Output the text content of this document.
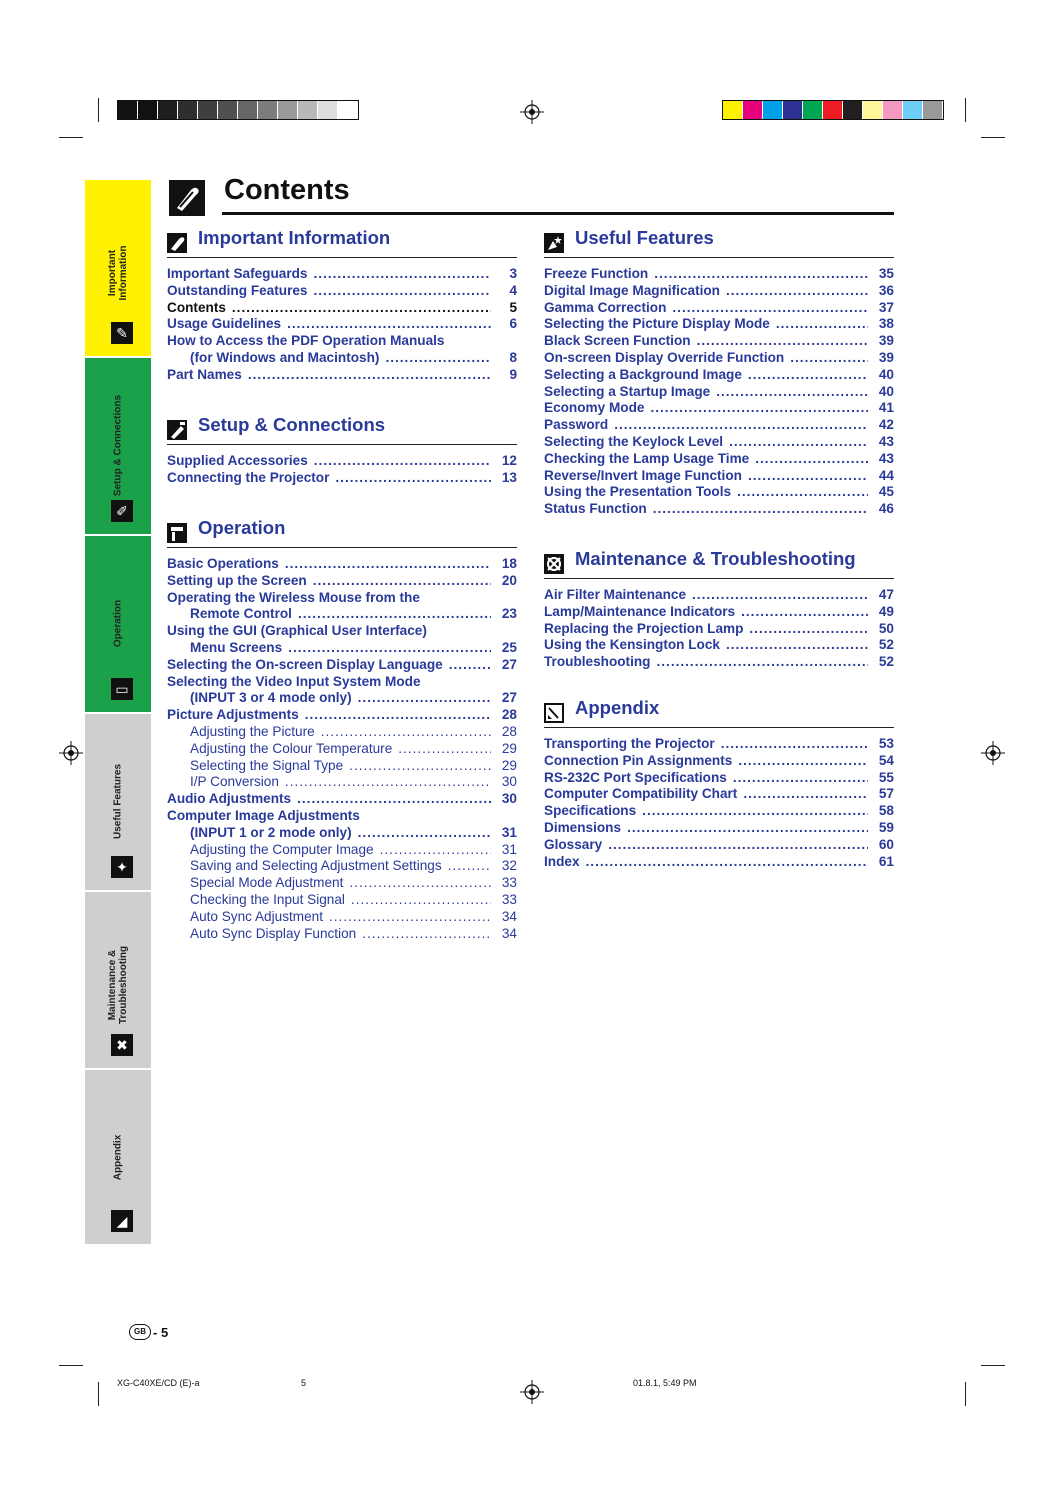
Important
Information
✎
Setup & Connections
✐
Operation
▭
Useful Features
✦
Maintenance &
Troubleshooting
✖
Appendix
◢
Contents
Important Information
Important Safeguards .....	3
Outstanding Features .....	4
Contents .....	5
Usage Guidelines .....	6
How to Access the PDF Operation Manuals
(for Windows and Macintosh) .....	8
Part Names .....	9
Setup & Connections
Supplied Accessories .....	12
Connecting the Projector .....	13
Operation
Basic Operations .....	18
Setting up the Screen .....	20
Operating the Wireless Mouse from the
Remote Control .....	23
Using the GUI (Graphical User Interface)
Menu Screens .....	25
Selecting the On-screen Display Language .....	27
Selecting the Video Input System Mode
(INPUT 3 or 4 mode only) .....	27
Picture Adjustments .....	28
Adjusting the Picture .....	28
Adjusting the Colour Temperature .....	29
Selecting the Signal Type .....	29
I/P Conversion .....	30
Audio Adjustments .....	30
Computer Image Adjustments
(INPUT 1 or 2 mode only) .....	31
Adjusting the Computer Image .....	31
Saving and Selecting Adjustment Settings .....	32
Special Mode Adjustment .....	33
Checking the Input Signal .....	33
Auto Sync Adjustment .....	34
Auto Sync Display Function .....	34
Useful Features
Freeze Function .....	35
Digital Image Magnification .....	36
Gamma Correction .....	37
Selecting the Picture Display Mode .....	38
Black Screen Function .....	39
On-screen Display Override Function .....	39
Selecting a Background Image .....	40
Selecting a Startup Image .....	40
Economy Mode .....	41
Password .....	42
Selecting the Keylock Level .....	43
Checking the Lamp Usage Time .....	43
Reverse/Invert Image Function .....	44
Using the Presentation Tools .....	45
Status Function .....	46
Maintenance & Troubleshooting
Air Filter Maintenance .....	47
Lamp/Maintenance Indicators .....	49
Replacing the Projection Lamp .....	50
Using the Kensington Lock .....	52
Troubleshooting .....	52
Appendix
Transporting the Projector .....	53
Connection Pin Assignments .....	54
RS-232C Port Specifications .....	55
Computer Compatibility Chart .....	57
Specifications .....	58
Dimensions .....	59
Glossary .....	60
Index .....	61
GB - 5
XG-C40XE/CD (E)-a	5	01.8.1, 5:49 PM
